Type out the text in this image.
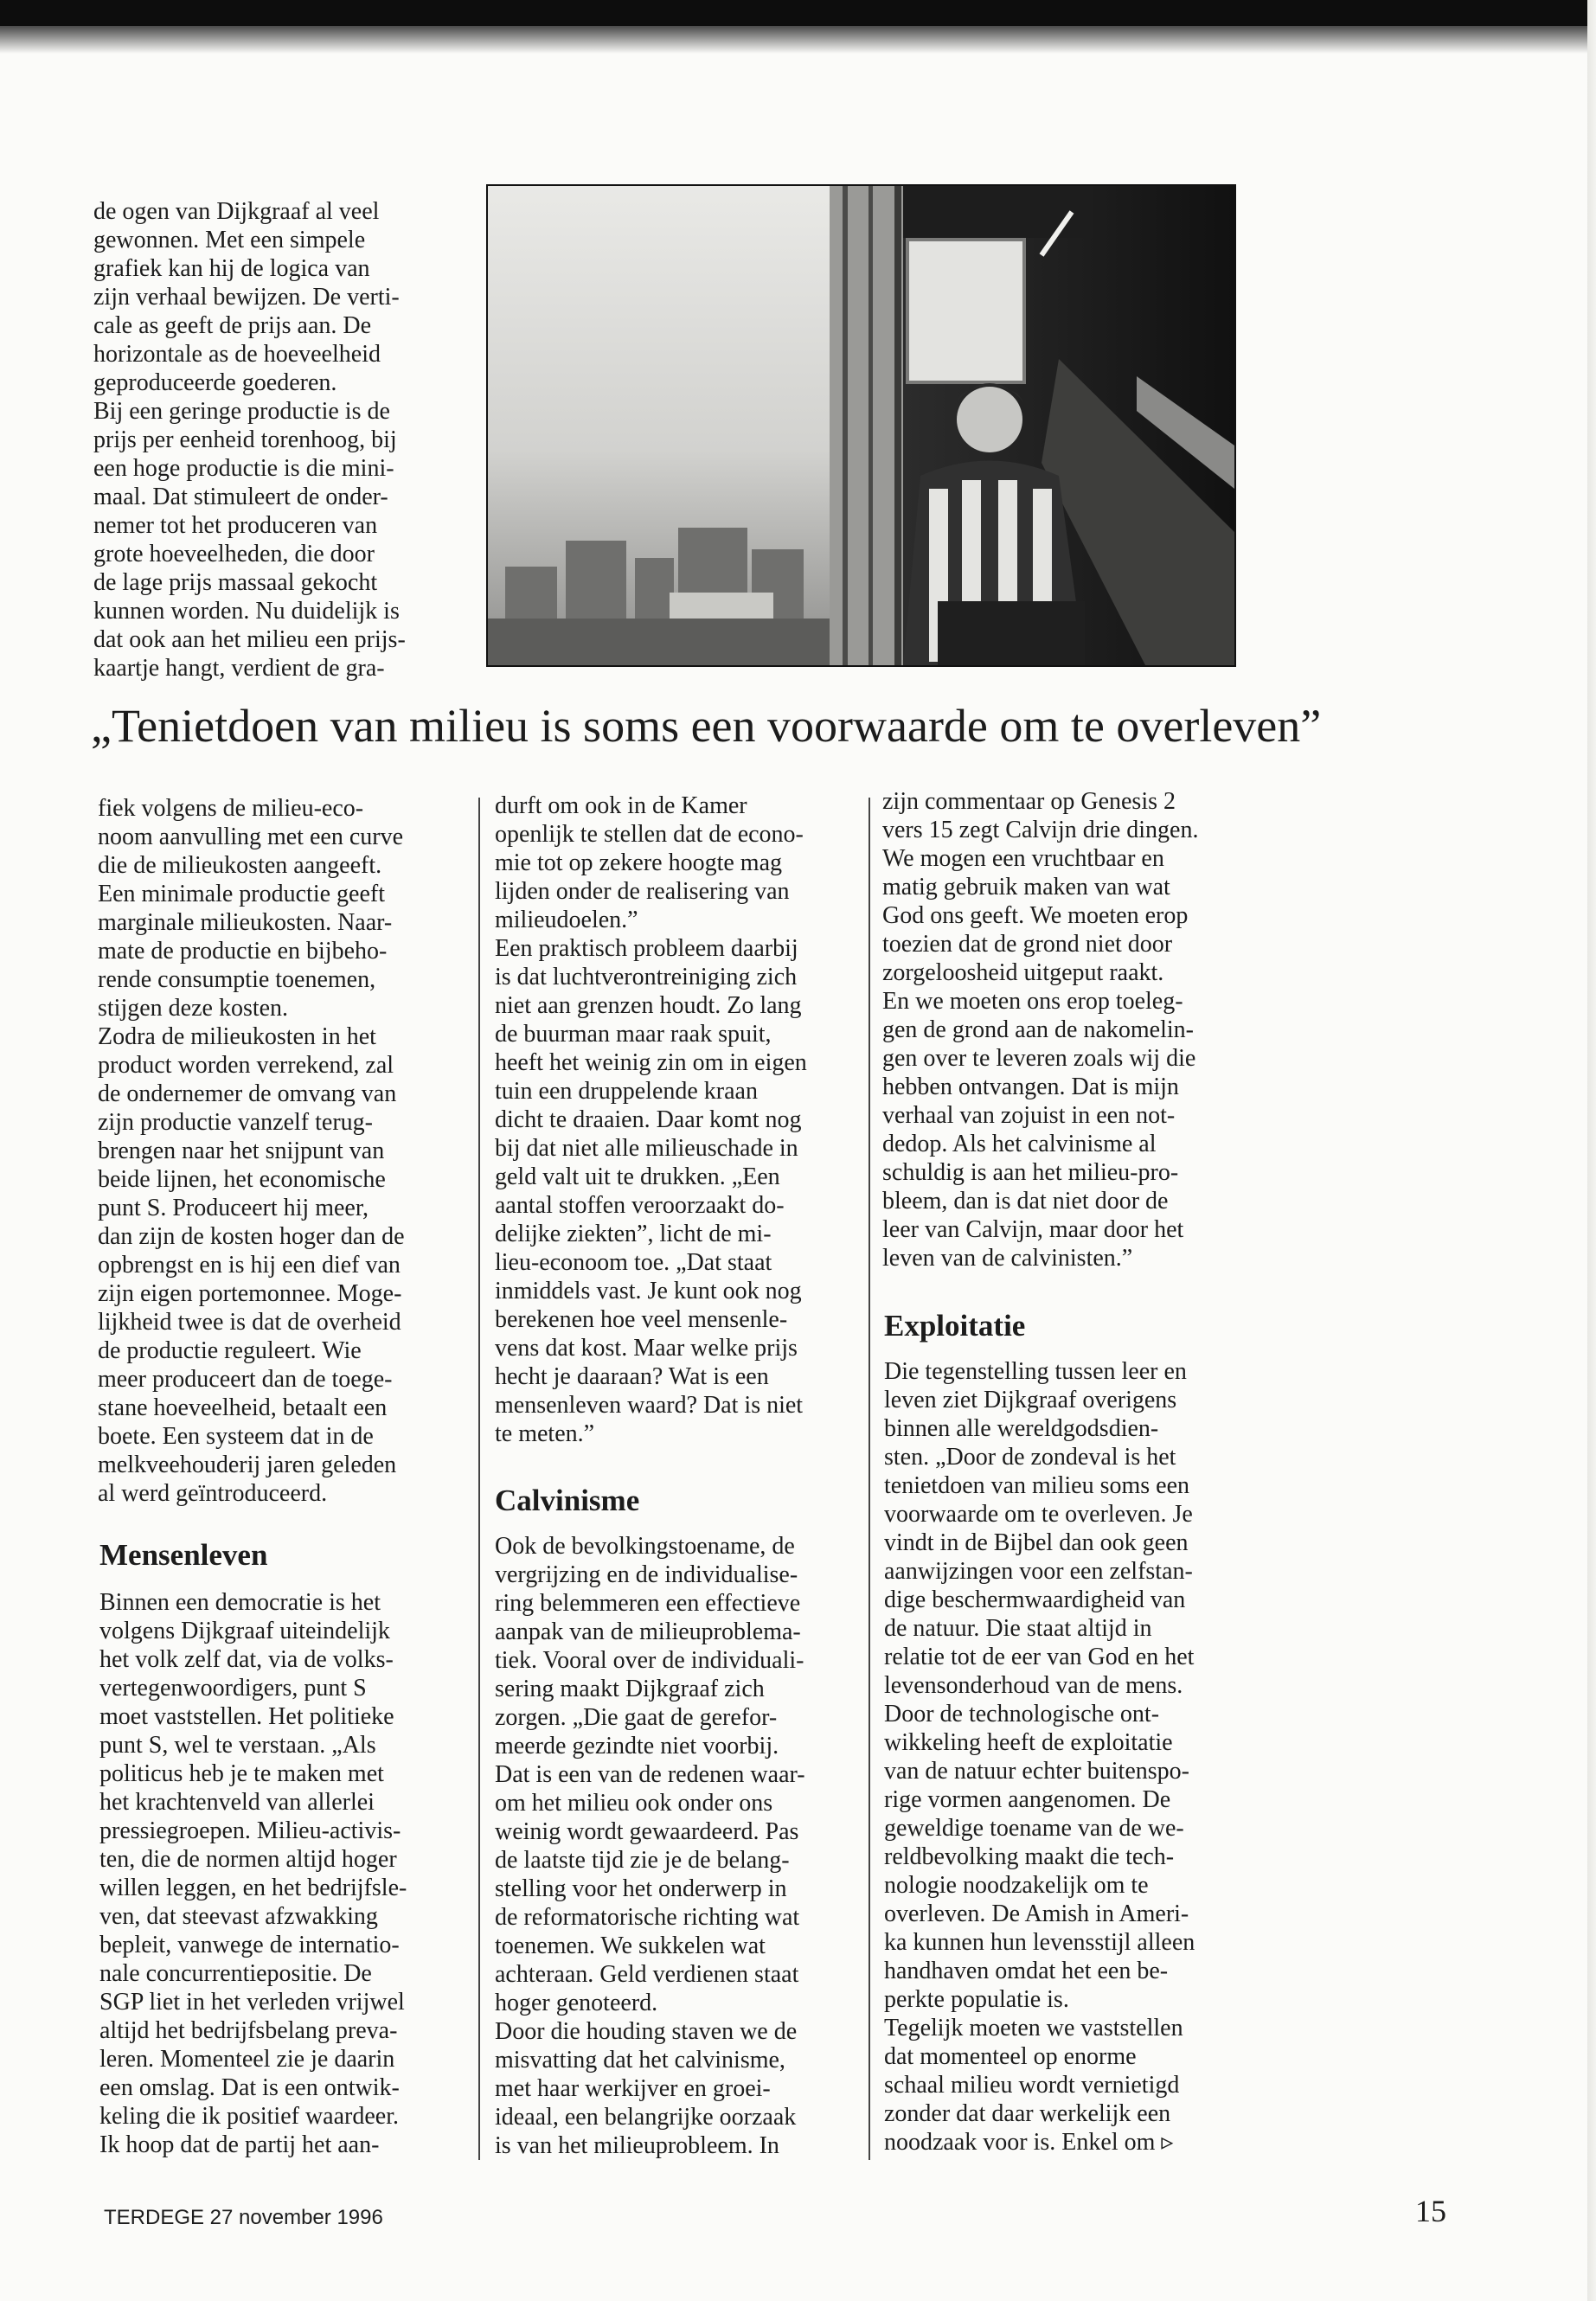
de ogen van Dijkgraaf al veel
gewonnen. Met een simpele
grafiek kan hij de logica van
zijn verhaal bewijzen. De verti-
cale as geeft de prijs aan. De
horizontale as de hoeveelheid
geproduceerde goederen.
Bij een geringe productie is de
prijs per eenheid torenhoog, bij
een hoge productie is die mini-
maal. Dat stimuleert de onder-
nemer tot het produceren van
grote hoeveelheden, die door
de lage prijs massaal gekocht
kunnen worden. Nu duidelijk is
dat ook aan het milieu een prijs-
kaartje hangt, verdient de gra-

„Tenietdoen van milieu is soms een voorwaarde om te overleven”

fiek volgens de milieu-eco-
noom aanvulling met een curve
die de milieukosten aangeeft.
Een minimale productie geeft
marginale milieukosten. Naar-
mate de productie en bijbeho-
rende consumptie toenemen,
stijgen deze kosten.
Zodra de milieukosten in het
product worden verrekend, zal
de ondernemer de omvang van
zijn productie vanzelf terug-
brengen naar het snijpunt van
beide lijnen, het economische
punt S. Produceert hij meer,
dan zijn de kosten hoger dan de
opbrengst en is hij een dief van
zijn eigen portemonnee. Moge-
lijkheid twee is dat de overheid
de productie reguleert. Wie
meer produceert dan de toege-
stane hoeveelheid, betaalt een
boete. Een systeem dat in de
melkveehouderij jaren geleden
al werd geïntroduceerd.

Mensenleven

Binnen een democratie is het
volgens Dijkgraaf uiteindelijk
het volk zelf dat, via de volks-
vertegenwoordigers, punt S
moet vaststellen. Het politieke
punt S, wel te verstaan. „Als
politicus heb je te maken met
het krachtenveld van allerlei
pressiegroepen. Milieu-activis-
ten, die de normen altijd hoger
willen leggen, en het bedrijfsle-
ven, dat steevast afzwakking
bepleit, vanwege de internatio-
nale concurrentiepositie. De
SGP liet in het verleden vrijwel
altijd het bedrijfsbelang preva-
leren. Momenteel zie je daarin
een omslag. Dat is een ontwik-
keling die ik positief waardeer.
Ik hoop dat de partij het aan-

durft om ook in de Kamer
openlijk te stellen dat de econo-
mie tot op zekere hoogte mag
lijden onder de realisering van
milieudoelen.”
Een praktisch probleem daarbij
is dat luchtverontreiniging zich
niet aan grenzen houdt. Zo lang
de buurman maar raak spuit,
heeft het weinig zin om in eigen
tuin een druppelende kraan
dicht te draaien. Daar komt nog
bij dat niet alle milieuschade in
geld valt uit te drukken. „Een
aantal stoffen veroorzaakt do-
delijke ziekten”, licht de mi-
lieu-econoom toe. „Dat staat
inmiddels vast. Je kunt ook nog
berekenen hoe veel mensenle-
vens dat kost. Maar welke prijs
hecht je daaraan? Wat is een
mensenleven waard? Dat is niet
te meten.”

Calvinisme

Ook de bevolkingstoename, de
vergrijzing en de individualise-
ring belemmeren een effectieve
aanpak van de milieuproblema-
tiek. Vooral over de individuali-
sering maakt Dijkgraaf zich
zorgen. „Die gaat de gerefor-
meerde gezindte niet voorbij.
Dat is een van de redenen waar-
om het milieu ook onder ons
weinig wordt gewaardeerd. Pas
de laatste tijd zie je de belang-
stelling voor het onderwerp in
de reformatorische richting wat
toenemen. We sukkelen wat
achteraan. Geld verdienen staat
hoger genoteerd.
Door die houding staven we de
misvatting dat het calvinisme,
met haar werkijver en groei-
ideaal, een belangrijke oorzaak
is van het milieuprobleem. In

zijn commentaar op Genesis 2
vers 15 zegt Calvijn drie dingen.
We mogen een vruchtbaar en
matig gebruik maken van wat
God ons geeft. We moeten erop
toezien dat de grond niet door
zorgeloosheid uitgeput raakt.
En we moeten ons erop toeleg-
gen de grond aan de nakomelin-
gen over te leveren zoals wij die
hebben ontvangen. Dat is mijn
verhaal van zojuist in een not-
dedop. Als het calvinisme al
schuldig is aan het milieu-pro-
bleem, dan is dat niet door de
leer van Calvijn, maar door het
leven van de calvinisten.”

Exploitatie

Die tegenstelling tussen leer en
leven ziet Dijkgraaf overigens
binnen alle wereldgodsdien-
sten. „Door de zondeval is het
tenietdoen van milieu soms een
voorwaarde om te overleven. Je
vindt in de Bijbel dan ook geen
aanwijzingen voor een zelfstan-
dige beschermwaardigheid van
de natuur. Die staat altijd in
relatie tot de eer van God en het
levensonderhoud van de mens.
Door de technologische ont-
wikkeling heeft de exploitatie
van de natuur echter buitenspo-
rige vormen aangenomen. De
geweldige toename van de we-
reldbevolking maakt die tech-
nologie noodzakelijk om te
overleven. De Amish in Ameri-
ka kunnen hun levensstijl alleen
handhaven omdat het een be-
perkte populatie is.
Tegelijk moeten we vaststellen
dat momenteel op enorme
schaal milieu wordt vernietigd
zonder dat daar werkelijk een
noodzaak voor is. Enkel om ▹

TERDEGE 27 november 1996	15
